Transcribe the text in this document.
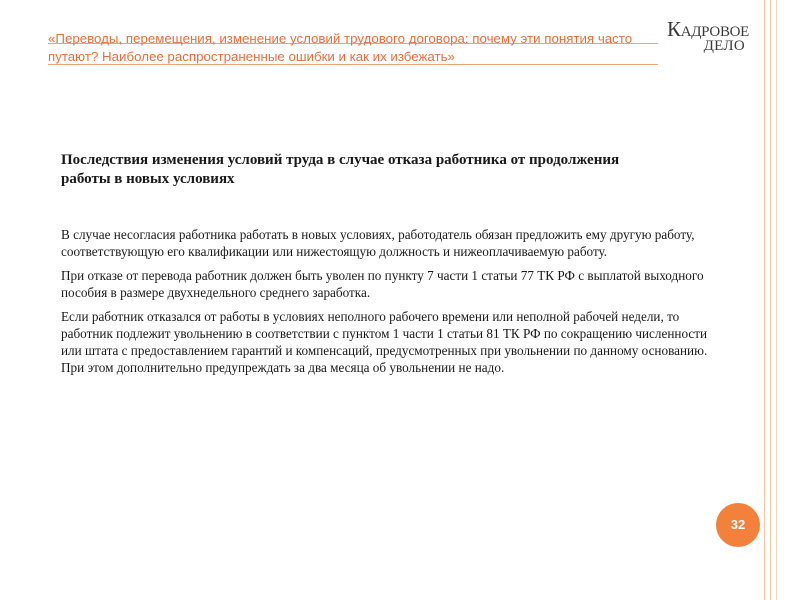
«Переводы, перемещения, изменение условий трудового договора: почему эти понятия часто путают? Наиболее распространенные ошибки и как их избежать»
КАДРОВОЕ
ДЕЛО
Последствия изменения условий труда в случае отказа работника от продолжения работы в новых условиях

В случае несогласия работника работать в новых условиях, работодатель обязан предложить ему другую работу, соответствующую его квалификации или нижестоящую должность и нижеоплачиваемую работу.

При отказе от перевода работник должен быть уволен по пункту 7 части 1 статьи 77 ТК РФ с выплатой выходного пособия в размере двухнедельного среднего заработка.

Если работник отказался от работы в условиях неполного рабочего времени или неполной рабочей недели, то работник подлежит увольнению в соответствии с пунктом 1 части 1 статьи 81 ТК РФ по сокращению численности или штата с предоставлением гарантий и компенсаций, предусмотренных при увольнении по данному основанию. При этом дополнительно предупреждать за два месяца об увольнении не надо.

32
